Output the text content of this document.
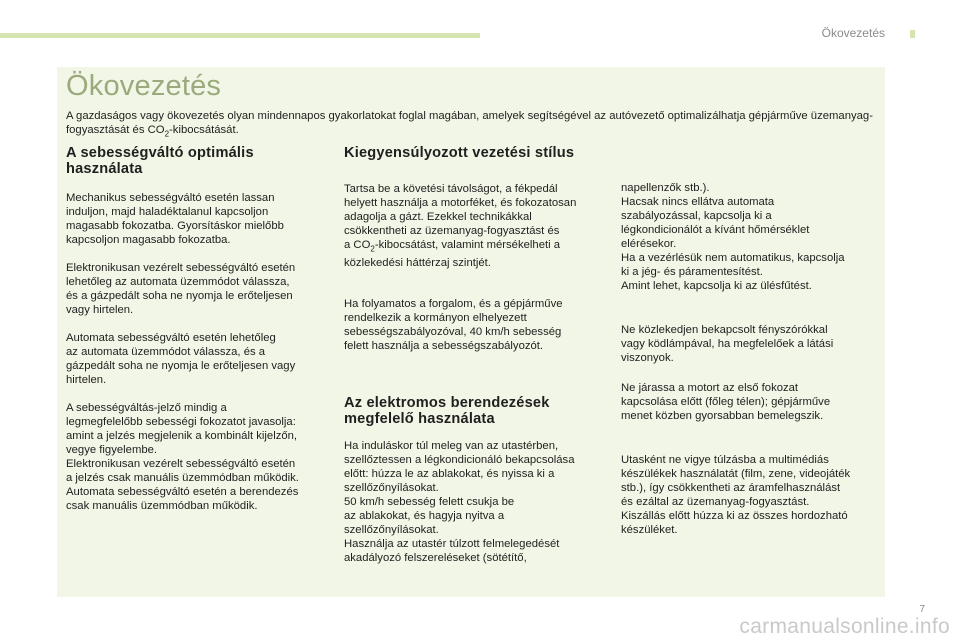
Ökovezetés
Ökovezetés
A gazdaságos vagy ökovezetés olyan mindennapos gyakorlatokat foglal magában, amelyek segítségével az autóvezető optimalizálhatja gépjárműve üzemanyag-fogyasztását és $CO_2$-kibocsátását.
A sebességváltó optimális
használata

Mechanikus sebességváltó esetén lassan
induljon, majd haladéktalanul kapcsoljon
magasabb fokozatba. Gyorsításkor mielőbb
kapcsoljon magasabb fokozatba.

Elektronikusan vezérelt sebességváltó esetén
lehetőleg az automata üzemmódot válassza,
és a gázpedált soha ne nyomja le erőteljesen
vagy hirtelen.

Automata sebességváltó esetén lehetőleg
az automata üzemmódot válassza, és a
gázpedált soha ne nyomja le erőteljesen vagy
hirtelen.

A sebességváltás-jelző mindig a
legmegfelelőbb sebességi fokozatot javasolja:
amint a jelzés megjelenik a kombinált kijelzőn,
vegye figyelembe.
Elektronikusan vezérelt sebességváltó esetén
a jelzés csak manuális üzemmódban működik.
Automata sebességváltó esetén a berendezés
csak manuális üzemmódban működik.

Kiegyensúlyozott vezetési stílus

Tartsa be a követési távolságot, a fékpedál
helyett használja a motorféket, és fokozatosan
adagolja a gázt. Ezekkel technikákkal
csökkentheti az üzemanyag-fogyasztást és
a $CO_2$-kibocsátást, valamint mérsékelheti a
közlekedési háttérzaj szintjét.

Ha folyamatos a forgalom, és a gépjárműve
rendelkezik a kormányon elhelyezett
sebességszabályozóval, 40 km/h sebesség
felett használja a sebességszabályozót.

Az elektromos berendezések
megfelelő használata

Ha induláskor túl meleg van az utastérben,
szellőztessen a légkondicionáló bekapcsolása
előtt: húzza le az ablakokat, és nyissa ki a
szellőzőnyílásokat.
50 km/h sebesség felett csukja be
az ablakokat, és hagyja nyitva a
szellőzőnyílásokat.
Használja az utastér túlzott felmelegedését
akadályozó felszereléseket (sötétítő,

napellenzők stb.).
Hacsak nincs ellátva automata
szabályozással, kapcsolja ki a
légkondicionálót a kívánt hőmérséklet
elérésekor.
Ha a vezérlésük nem automatikus, kapcsolja
ki a jég- és páramentesítést.
Amint lehet, kapcsolja ki az ülésfűtést.

Ne közlekedjen bekapcsolt fényszórókkal
vagy ködlámpával, ha megfelelőek a látási
viszonyok.

Ne járassa a motort az első fokozat
kapcsolása előtt (főleg télen); gépjárműve
menet közben gyorsabban bemelegszik.

Utasként ne vigye túlzásba a multimédiás
készülékek használatát (film, zene, videojáték
stb.), így csökkentheti az áramfelhasználást
és ezáltal az üzemanyag-fogyasztást.
Kiszállás előtt húzza ki az összes hordozható
készüléket.

7
carmanualsonline.info
